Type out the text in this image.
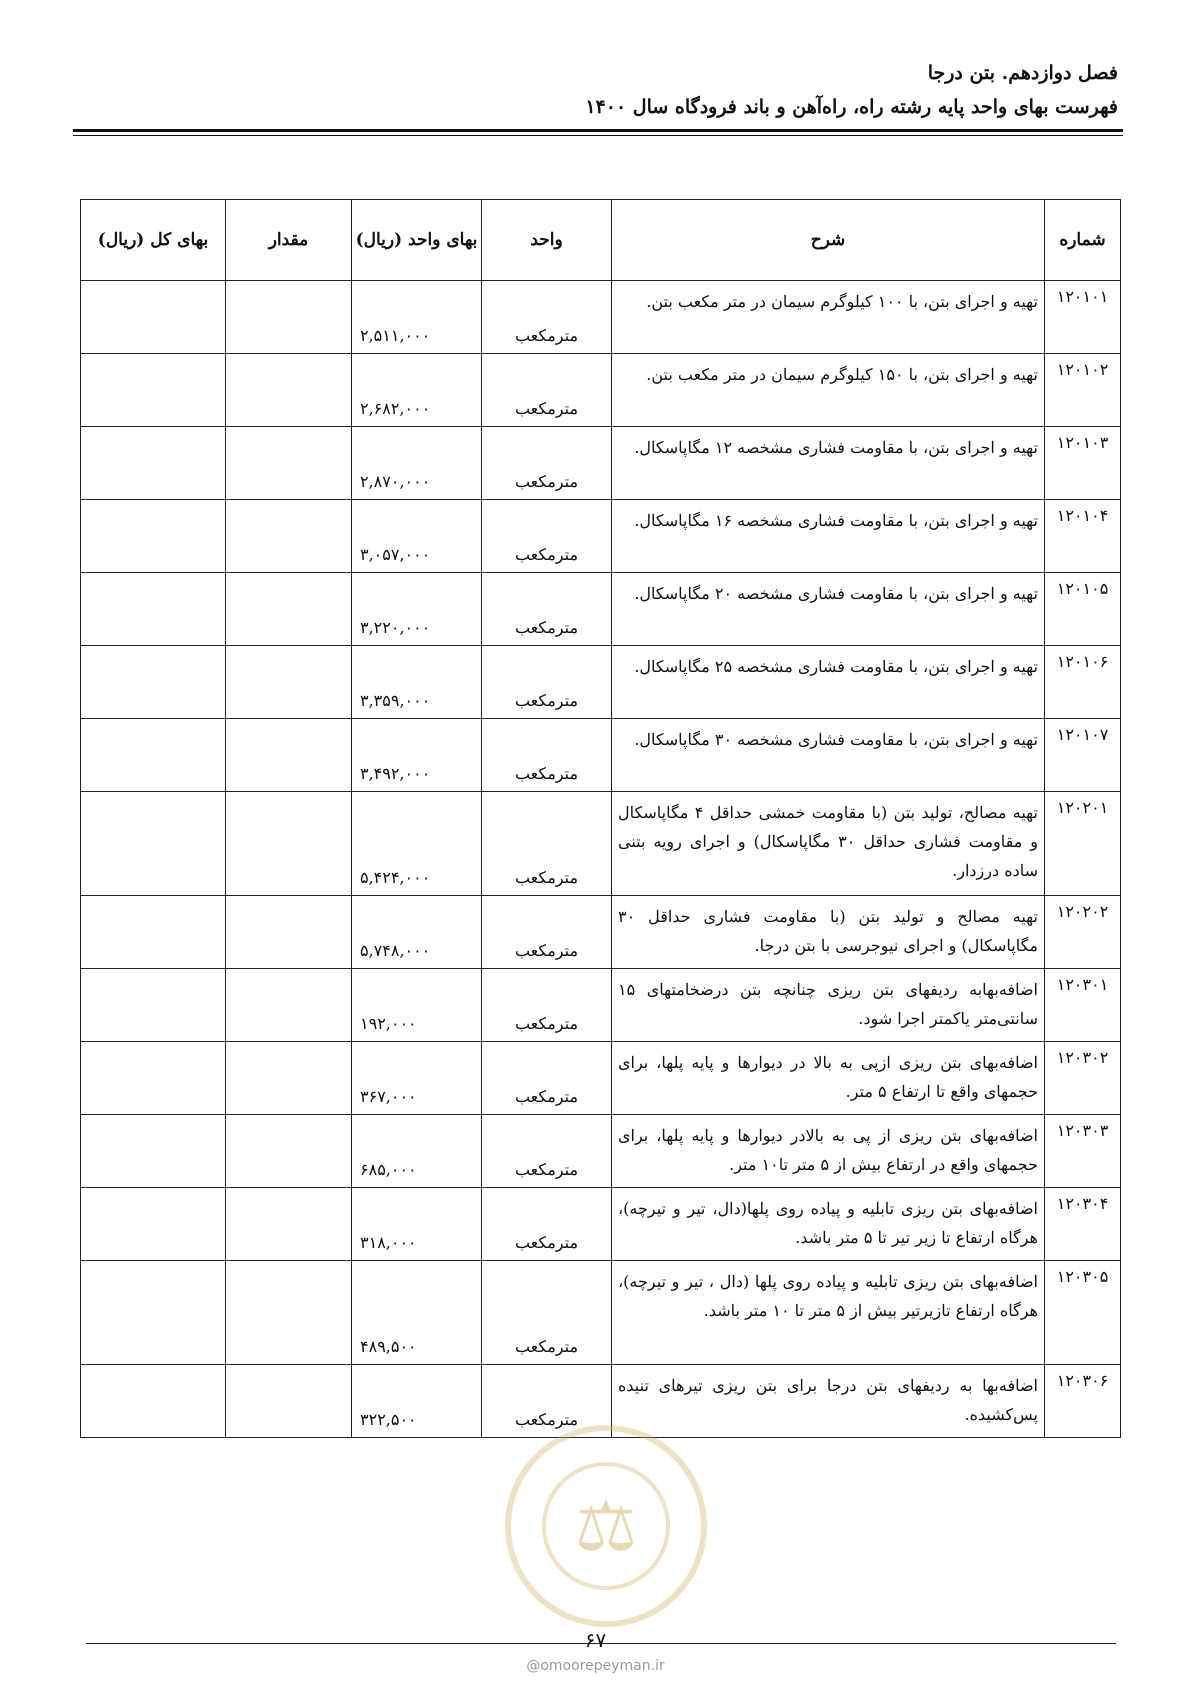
فصل دوازدهم. بتن درجا
فهرست بهای واحد پایه رشته راه، راه‌آهن و باند فرودگاه سال ۱۴۰۰
شماره	شرح	واحد	بهای واحد (ریال)	مقدار	بهای کل (ریال)
۱۲۰۱۰۱	تهیه و اجرای بتن، با ۱۰۰ کیلوگرم سیمان در متر مکعب بتن.	مترمکعب	۲,۵۱۱,۰۰۰		
۱۲۰۱۰۲	تهیه و اجرای بتن، با ۱۵۰ کیلوگرم سیمان در متر مکعب بتن.	مترمکعب	۲,۶۸۲,۰۰۰		
۱۲۰۱۰۳	تهیه و اجرای بتن، با مقاومت فشاری مشخصه ۱۲ مگاپاسکال.	مترمکعب	۲,۸۷۰,۰۰۰		
۱۲۰۱۰۴	تهیه و اجرای بتن، با مقاومت فشاری مشخصه ۱۶ مگاپاسکال.	مترمکعب	۳,۰۵۷,۰۰۰		
۱۲۰۱۰۵	تهیه و اجرای بتن، با مقاومت فشاری مشخصه ۲۰ مگاپاسکال.	مترمکعب	۳,۲۲۰,۰۰۰		
۱۲۰۱۰۶	تهیه و اجرای بتن، با مقاومت فشاری مشخصه ۲۵ مگاپاسکال.	مترمکعب	۳,۳۵۹,۰۰۰		
۱۲۰۱۰۷	تهیه و اجرای بتن، با مقاومت فشاری مشخصه ۳۰ مگاپاسکال.	مترمکعب	۳,۴۹۲,۰۰۰		
۱۲۰۲۰۱	تهیه مصالح، تولید بتن (با مقاومت خمشی حداقل ۴ مگاپاسکال و مقاومت فشاری حداقل ۳۰ مگاپاسکال) و اجرای رویه بتنی ساده درزدار.	مترمکعب	۵,۴۲۴,۰۰۰		
۱۲۰۲۰۲	تهیه مصالح و تولید بتن (با مقاومت فشاری حداقل ۳۰ مگاپاسکال) و اجرای نیوجرسی با بتن درجا.	مترمکعب	۵,۷۴۸,۰۰۰		
۱۲۰۳۰۱	اضافه‌بهابه ردیفهای بتن ریزی چنانچه بتن درضخامتهای ۱۵ سانتی‌متر یاکمتر اجرا شود.	مترمکعب	۱۹۲,۰۰۰		
۱۲۰۳۰۲	اضافه‌بهای بتن ریزی ازپی به بالا در دیوارها و پایه پلها، برای حجمهای واقع تا ارتفاع ۵ متر.	مترمکعب	۳۶۷,۰۰۰		
۱۲۰۳۰۳	اضافه‌بهای بتن ریزی از پی به بالادر دیوارها و پایه پلها، برای حجمهای واقع در ارتفاع بیش از ۵ متر تا۱۰ متر.	مترمکعب	۶۸۵,۰۰۰		
۱۲۰۳۰۴	اضافه‌بهای بتن ریزی تابلیه و پیاده روی پلها(دال، تیر و تیرچه)، هرگاه ارتفاع تا زیر تیر تا ۵ متر باشد.	مترمکعب	۳۱۸,۰۰۰		
۱۲۰۳۰۵	اضافه‌بهای بتن ریزی تابلیه و پیاده روی پلها (دال ، تیر و تیرچه)، هرگاه ارتفاع تازیرتیر بیش از ۵ متر تا ۱۰ متر باشد.	مترمکعب	۴۸۹,۵۰۰		
۱۲۰۳۰۶	اضافه‌بها به ردیفهای بتن درجا برای بتن ریزی تیرهای تنیده پس‌کشیده.	مترمکعب	۳۲۲,۵۰۰		
⚖
۶۷
@omoorepeyman.ir
